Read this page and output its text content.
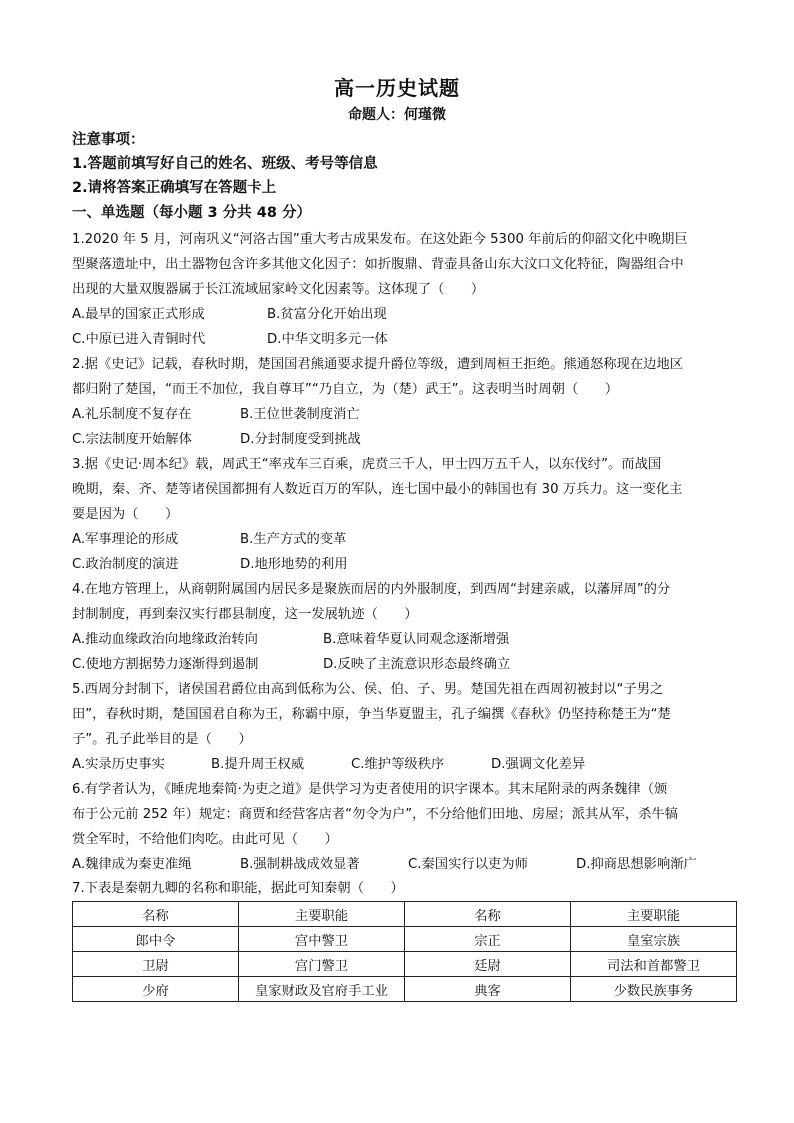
高一历史试题
命题人：何瑾微
注意事项：
1.答题前填写好自己的姓名、班级、考号等信息
2.请将答案正确填写在答题卡上
一、单选题（每小题 3 分共 48 分）
1.2020 年 5 月，河南巩义“河洛古国”重大考古成果发布。在这处距今 5300 年前后的仰韶文化中晚期巨
型聚落遗址中，出土器物包含许多其他文化因子：如折腹鼎、背壶具备山东大汶口文化特征，陶器组合中
出现的大量双腹器属于长江流域屈家岭文化因素等。这体现了（　　）
A.最早的国家正式形成	B.贫富分化开始出现
C.中原已进入青铜时代	D.中华文明多元一体
2.据《史记》记载，春秋时期，楚国国君熊通要求提升爵位等级，遭到周桓王拒绝。熊通怒称现在边地区
都归附了楚国，“而王不加位，我自尊耳”“乃自立，为（楚）武王”。这表明当时周朝（　　）
A.礼乐制度不复存在	B.王位世袭制度消亡
C.宗法制度开始解体	D.分封制度受到挑战
3.据《史记·周本纪》载，周武王“率戎车三百乘，虎贲三千人，甲士四万五千人，以东伐纣”。而战国
晚期，秦、齐、楚等诸侯国都拥有人数近百万的军队，连七国中最小的韩国也有 30 万兵力。这一变化主
要是因为（　　）
A.军事理论的形成	B.生产方式的变革
C.政治制度的演进	D.地形地势的利用
4.在地方管理上，从商朝附属国内居民多是聚族而居的内外服制度，到西周“封建亲戚，以藩屏周”的分
封制制度，再到秦汉实行郡县制度，这一发展轨迹（　　）
A.推动血缘政治向地缘政治转向	B.意味着华夏认同观念逐渐增强
C.使地方割据势力逐渐得到遏制	D.反映了主流意识形态最终确立
5.西周分封制下，诸侯国君爵位由高到低称为公、侯、伯、子、男。楚国先祖在西周初被封以“子男之
田”，春秋时期，楚国国君自称为王，称霸中原，争当华夏盟主，孔子编撰《春秋》仍坚持称楚王为“楚
子”。孔子此举目的是（　　）
A.实录历史事实	B.提升周王权威	C.维护等级秩序	D.强调文化差异
6.有学者认为，《睡虎地秦简·为吏之道》是供学习为吏者使用的识字课本。其末尾附录的两条魏律（颁
布于公元前 252 年）规定：商贾和经营客店者“勿令为户”，不分给他们田地、房屋；派其从军，杀牛犒
赏全军时，不给他们肉吃。由此可见（　　）
A.魏律成为秦吏准绳	B.强制耕战成效显著	C.秦国实行以吏为师	D.抑商思想影响渐广
7.下表是秦朝九卿的名称和职能，据此可知秦朝（　　）
名称	主要职能	名称	主要职能
郎中令	宫中警卫	宗正	皇室宗族
卫尉	宫门警卫	廷尉	司法和首都警卫
少府	皇家财政及官府手工业	典客	少数民族事务
